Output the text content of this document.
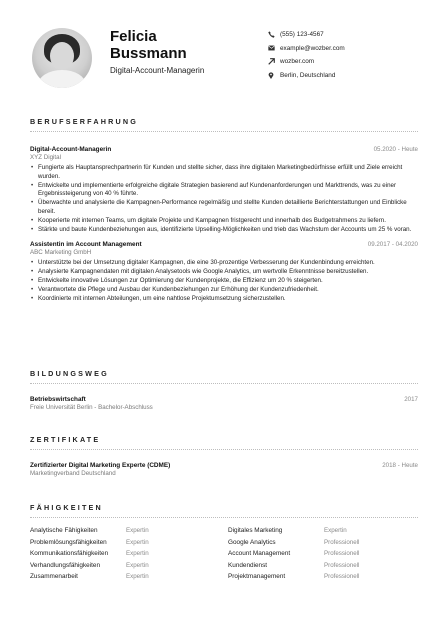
Felicia
Bussmann
Digital-Account-Managerin
(555) 123-4567
example@wozber.com
wozber.com
Berlin, Deutschland
BERUFSERFAHRUNG
Digital-Account-Managerin	05.2020 - Heute
XYZ Digital
• Fungierte als Hauptansprechpartnerin für Kunden und stellte sicher, dass ihre digitalen Marketingbedürfnisse erfüllt und Ziele erreicht wurden.
• Entwickelte und implementierte erfolgreiche digitale Strategien basierend auf Kundenanforderungen und Markttrends, was zu einer Ergebnissteigerung von 40 % führte.
• Überwachte und analysierte die Kampagnen-Performance regelmäßig und stellte Kunden detaillierte Berichterstattungen und Einblicke bereit.
• Kooperierte mit internen Teams, um digitale Projekte und Kampagnen fristgerecht und innerhalb des Budgetrahmens zu liefern.
• Stärkte und baute Kundenbeziehungen aus, identifizierte Upselling-Möglichkeiten und trieb das Wachstum der Accounts um 25 % voran.
Assistentin im Account Management	09.2017 - 04.2020
ABC Marketing GmbH
• Unterstützte bei der Umsetzung digitaler Kampagnen, die eine 30-prozentige Verbesserung der Kundenbindung erreichten.
• Analysierte Kampagnendaten mit digitalen Analysetools wie Google Analytics, um wertvolle Erkenntnisse bereitzustellen.
• Entwickelte innovative Lösungen zur Optimierung der Kundenprojekte, die Effizienz um 20 % steigerten.
• Verantwortete die Pflege und Ausbau der Kundenbeziehungen zur Erhöhung der Kundenzufriedenheit.
• Koordinierte mit internen Abteilungen, um eine nahtlose Projektumsetzung sicherzustellen.
BILDUNGSWEG
Betriebswirtschaft	2017
Freie Universität Berlin - Bachelor-Abschluss
ZERTIFIKATE
Zertifizierter Digital Marketing Experte (CDME)	2018 - Heute
Marketingverband Deutschland
FÄHIGKEITEN
Analytische Fähigkeiten	Expertin	Digitales Marketing	Expertin
Problemlösungsfähigkeiten	Expertin	Google Analytics	Professionell
Kommunikationsfähigkeiten	Expertin	Account Management	Professionell
Verhandlungsfähigkeiten	Expertin	Kundendienst	Professionell
Zusammenarbeit	Expertin	Projektmanagement	Professionell
